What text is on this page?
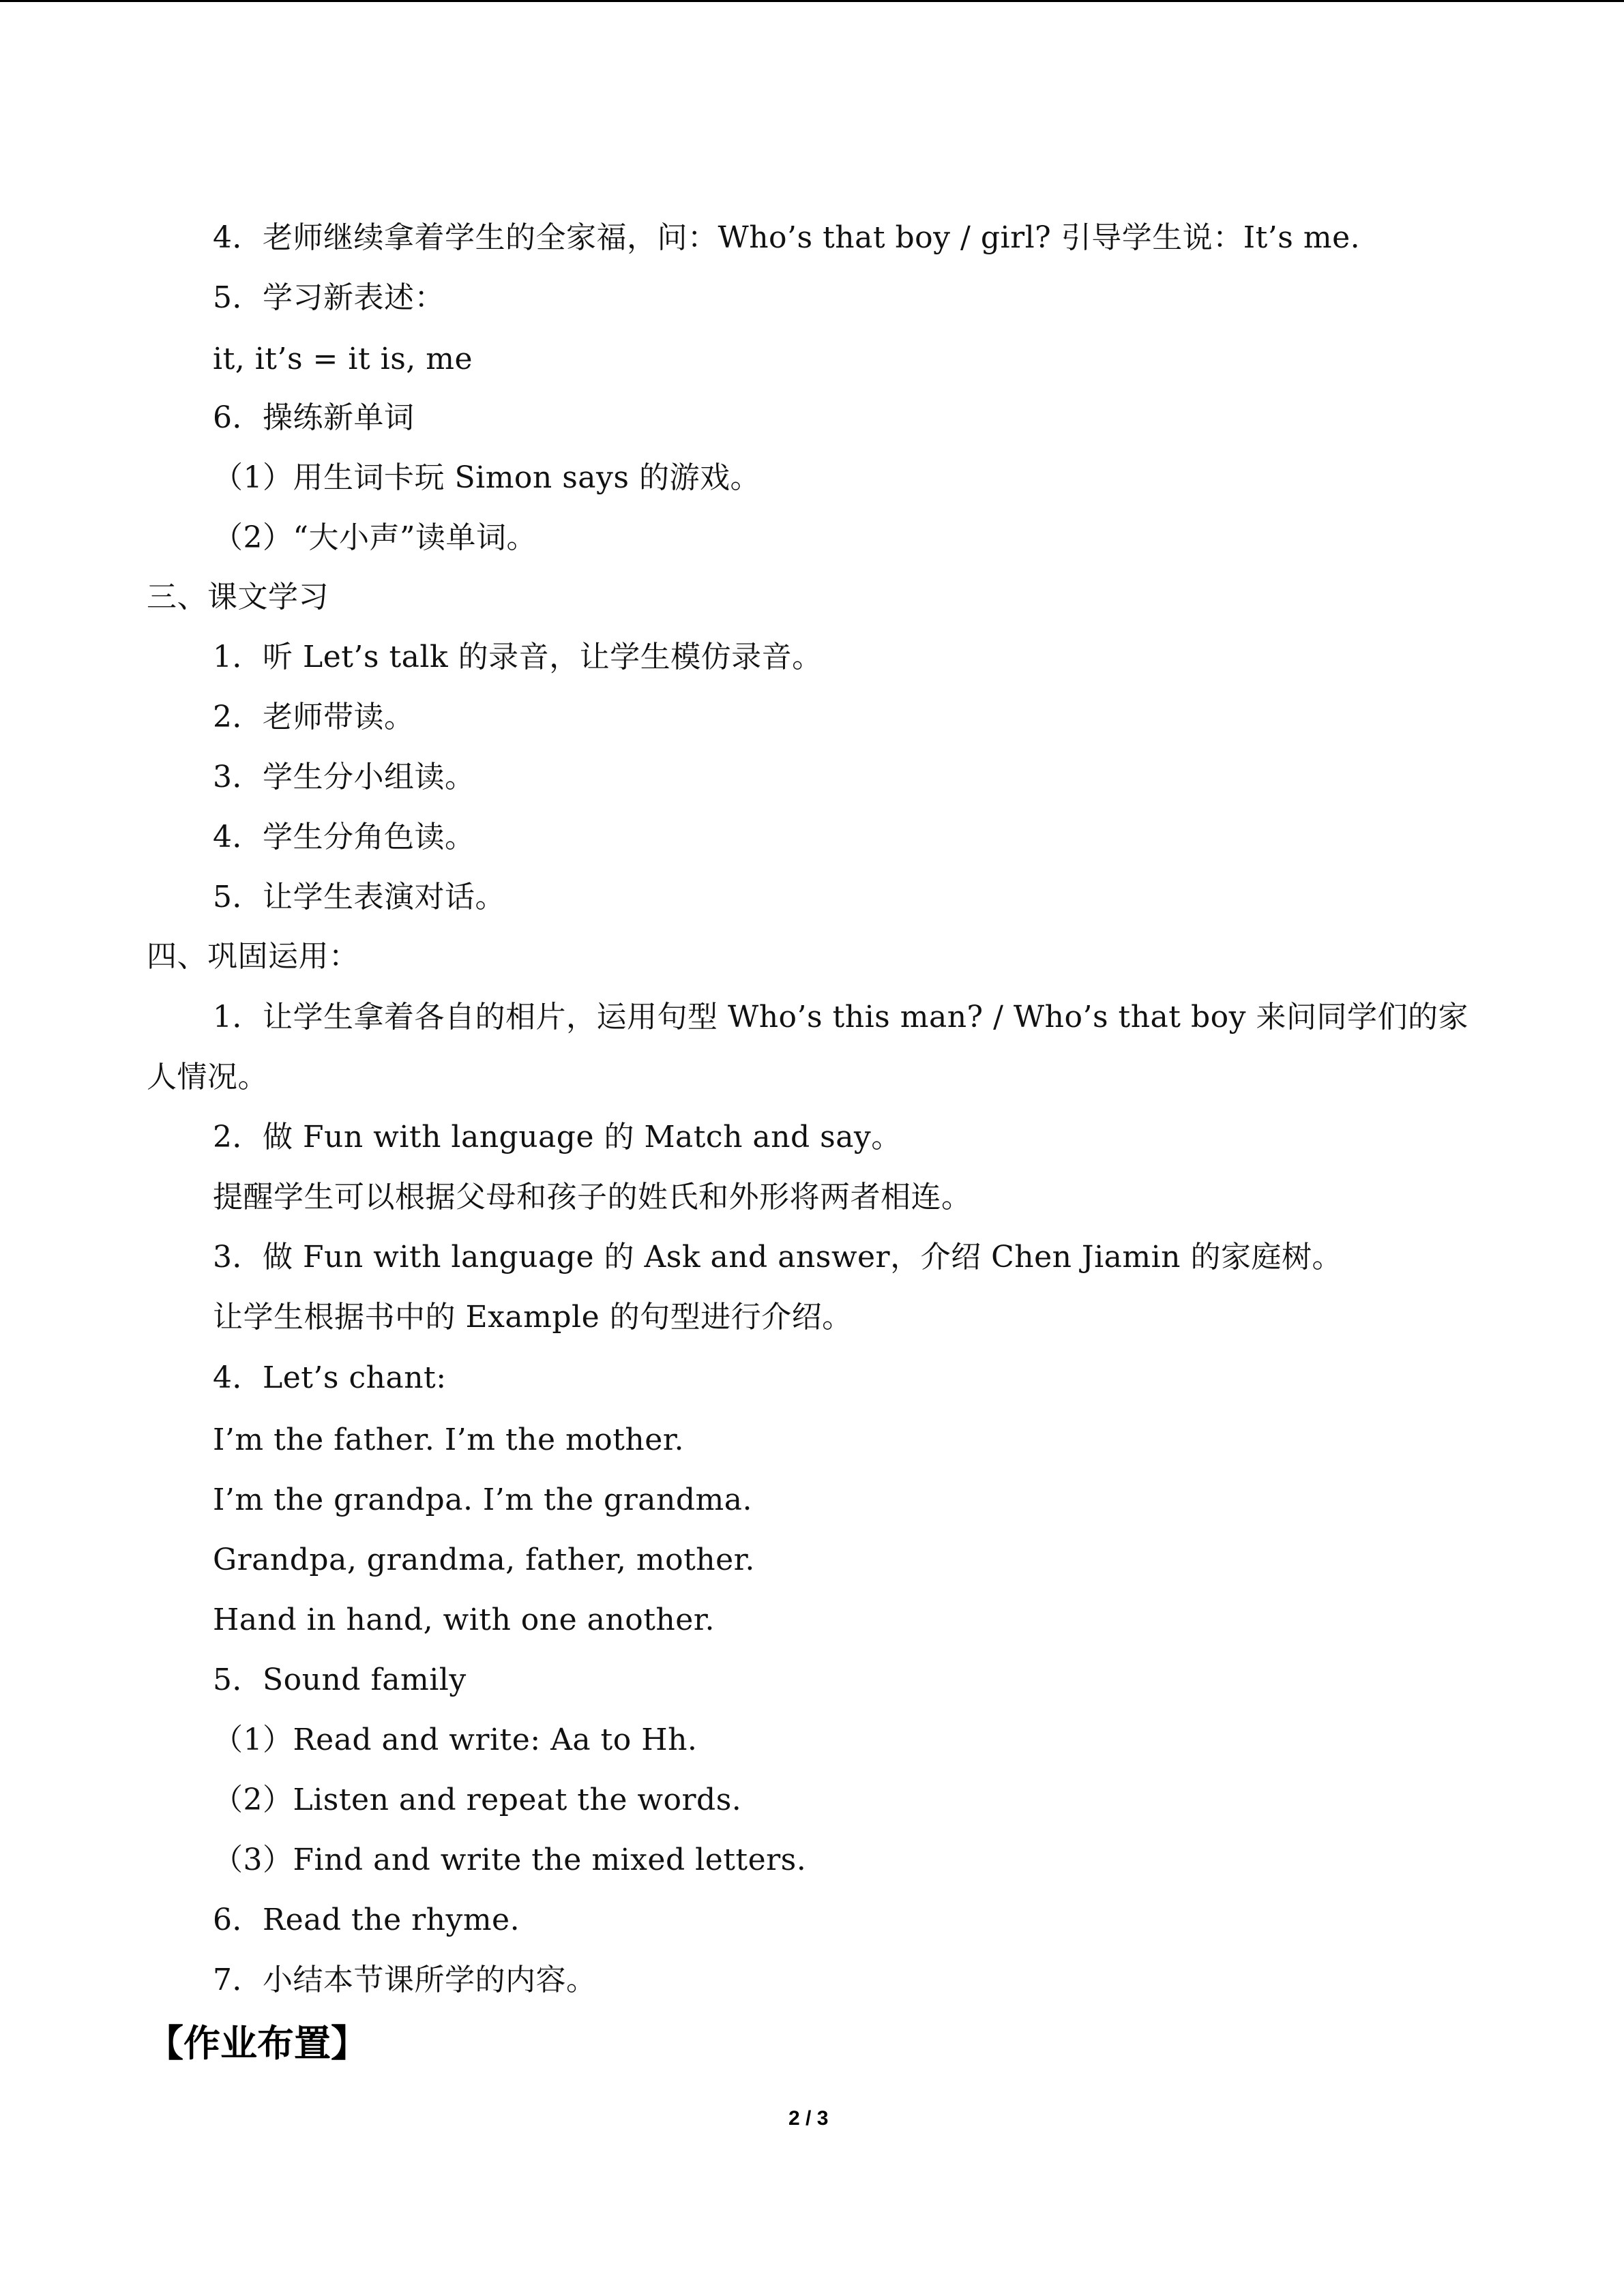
4．老师继续拿着学生的全家福，问：Who’s that boy / girl? 引导学生说：It’s me.
5．学习新表述：
it, it’s = it is, me
6．操练新单词
（1）用生词卡玩 Simon says 的游戏。
（2）“大小声”读单词。
三、课文学习
1．听 Let’s talk 的录音，让学生模仿录音。
2．老师带读。
3．学生分小组读。
4．学生分角色读。
5．让学生表演对话。
四、巩固运用：
1．让学生拿着各自的相片，运用句型 Who’s this man? / Who’s that boy 来问同学们的家
人情况。
2．做 Fun with language 的 Match and say。
提醒学生可以根据父母和孩子的姓氏和外形将两者相连。
3．做 Fun with language 的 Ask and answer，介绍 Chen Jiamin 的家庭树。
让学生根据书中的 Example 的句型进行介绍。
4．Let’s chant:
I’m the father. I’m the mother.
I’m the grandpa. I’m the grandma.
Grandpa, grandma, father, mother.
Hand in hand, with one another.
5．Sound family
（1）Read and write: Aa to Hh.
（2）Listen and repeat the words.
（3）Find and write the mixed letters.
6．Read the rhyme.
7．小结本节课所学的内容。
【作业布置】
2 / 3
